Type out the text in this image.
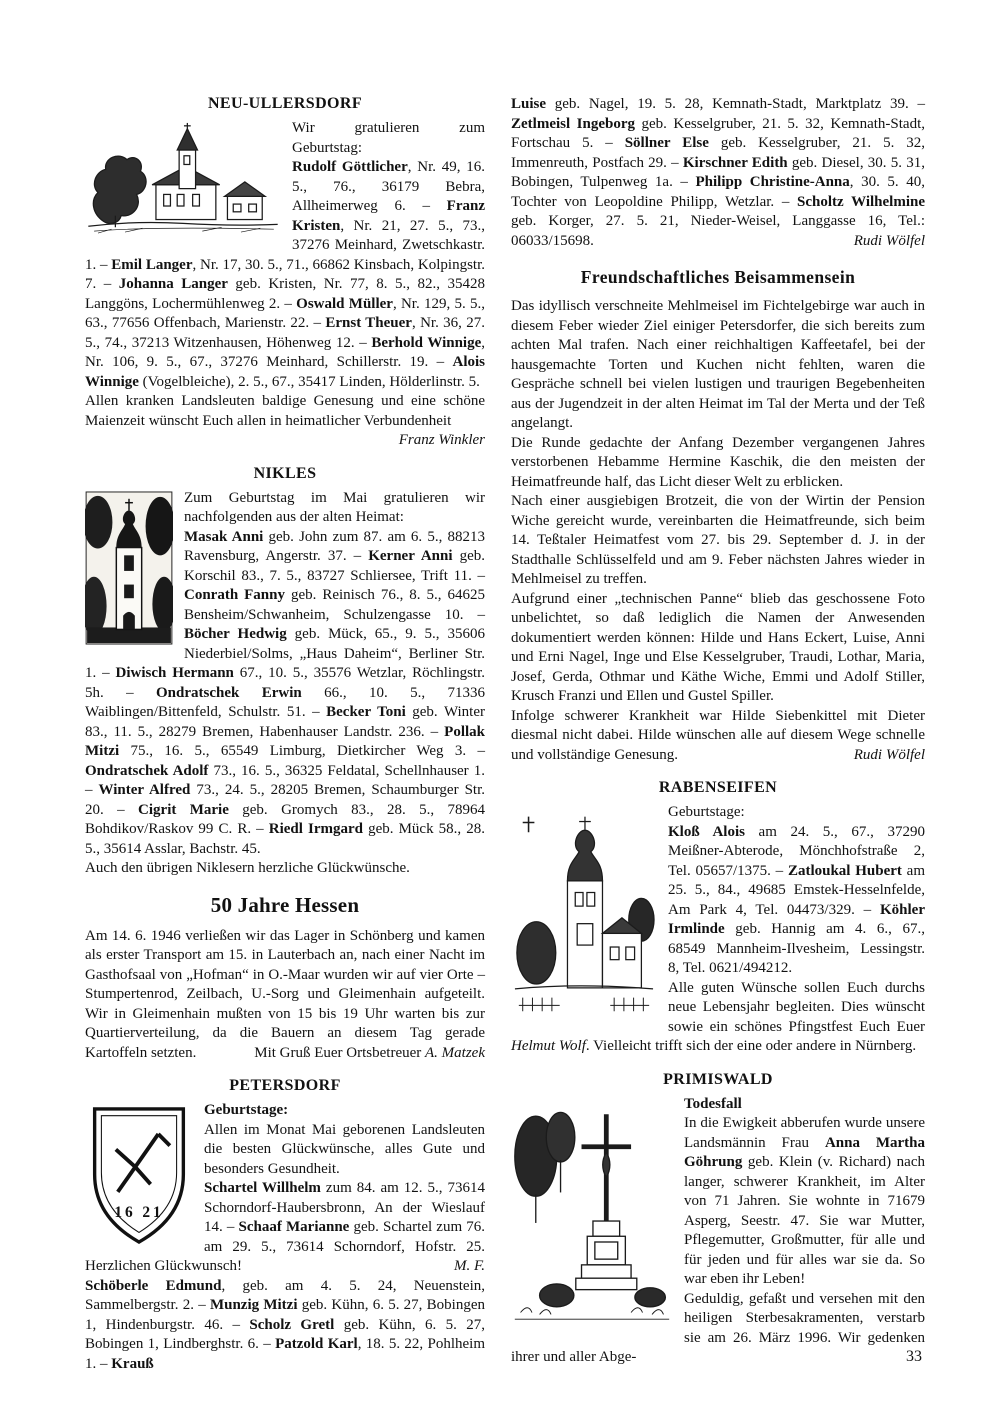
NEU-ULLERSDORF

Wir gratulieren zum Geburtstag:

Rudolf Göttlicher, Nr. 49, 16. 5., 76., 36179 Bebra, Allheimerweg 6. – Franz Kristen, Nr. 21, 27. 5., 73., 37276 Meinhard, Zwetschkastr. 1. – Emil Langer, Nr. 17, 30. 5., 71., 66862 Kinsbach, Kolpingstr. 7. – Johanna Langer geb. Kristen, Nr. 77, 8. 5., 82., 35428 Langgöns, Lochermühlenweg 2. – Oswald Müller, Nr. 129, 5. 5., 63., 77656 Offenbach, Marienstr. 22. – Ernst Theuer, Nr. 36, 27. 5., 74., 37213 Witzenhausen, Höhenweg 12. – Berhold Winnige, Nr. 106, 9. 5., 67., 37276 Meinhard, Schillerstr. 19. – Alois Winnige (Vogelbleiche), 2. 5., 67., 35417 Linden, Hölderlinstr. 5.

Allen kranken Landsleuten baldige Genesung und eine schöne Maienzeit wünscht Euch allen in heimatlicher Verbundenheit

Franz Winkler

NIKLES

Zum Geburtstag im Mai gratulieren wir nachfolgenden aus der alten Heimat:

Masak Anni geb. John zum 87. am 6. 5., 88213 Ravensburg, Angerstr. 37. – Kerner Anni geb. Korschil 83., 7. 5., 83727 Schliersee, Trift 11. – Conrath Fanny geb. Reinisch 76., 8. 5., 64625 Bensheim/Schwanheim, Schulzengasse 10. – Böcher Hedwig geb. Mück, 65., 9. 5., 35606 Niederbiel/Solms, „Haus Daheim“, Berliner Str. 1. – Diwisch Hermann 67., 10. 5., 35576 Wetzlar, Röchlingstr. 5h. – Ondratschek Erwin 66., 10. 5., 71336 Waiblingen/Bittenfeld, Schulstr. 51. – Becker Toni geb. Winter 83., 11. 5., 28279 Bremen, Habenhauser Landstr. 236. – Pollak Mitzi 75., 16. 5., 65549 Limburg, Dietkircher Weg 3. – Ondratschek Adolf 73., 16. 5., 36325 Feldatal, Schellnhauser 1. – Winter Alfred 73., 24. 5., 28205 Bremen, Schaumburger Str. 20. – Cigrit Marie geb. Gromych 83., 28. 5., 78964 Bohdikov/Raskov 99 C. R. – Riedl Irmgard geb. Mück 58., 28. 5., 35614 Asslar, Bachstr. 45.

Auch den übrigen Niklesern herzliche Glückwünsche.

50 Jahre Hessen

Am 14. 6. 1946 verließen wir das Lager in Schönberg und kamen als erster Transport am 15. in Lauterbach an, nach einer Nacht im Gasthofsaal von „Hofman“ in O.-Maar wurden wir auf vier Orte – Stumpertenrod, Zeilbach, U.-Sorg und Gleimenhain aufgeteilt. Wir in Gleimenhain mußten von 15 bis 19 Uhr warten bis zur Quartierverteilung, da die Bauern an diesem Tag gerade Kartoffeln setzten.	Mit Gruß Euer Ortsbetreuer A. Matzek

PETERSDORF
16 21

Geburtstage:

Allen im Monat Mai geborenen Landsleuten die besten Glückwünsche, alles Gute und besonders Gesundheit.

Schartel Willhelm zum 84. am 12. 5., 73614 Schorndorf-Haubersbronn, An der Wieslauf 14. – Schaaf Marianne geb. Schartel zum 76. am 29. 5., 73614 Schorndorf, Hofstr. 25. Herzlichen Glückwunsch!	M. F.

Schöberle Edmund, geb. am 4. 5. 24, Neuenstein, Sammelbergstr. 2. – Munzig Mitzi geb. Kühn, 6. 5. 27, Bobingen 1, Hindenburgstr. 46. – Scholz Gretl geb. Kühn, 6. 5. 27, Bobingen 1, Lindberghstr. 6. – Patzold Karl, 18. 5. 22, Pohlheim 1. – Krauß

Luise geb. Nagel, 19. 5. 28, Kemnath-Stadt, Marktplatz 39. – Zetlmeisl Ingeborg geb. Kesselgruber, 21. 5. 32, Kemnath-Stadt, Fortschau 5. – Söllner Else geb. Kesselgruber, 21. 5. 32, Immenreuth, Postfach 29. – Kirschner Edith geb. Diesel, 30. 5. 31, Bobingen, Tulpenweg 1a. – Philipp Christine-Anna, 30. 5. 40, Tochter von Leopoldine Philipp, Wetzlar. – Scholtz Wilhelmine geb. Korger, 27. 5. 21, Nieder-Weisel, Langgasse 16, Tel.: 06033/15698.	Rudi Wölfel

Freundschaftliches Beisammensein

Das idyllisch verschneite Mehlmeisel im Fichtelgebirge war auch in diesem Feber wieder Ziel einiger Petersdorfer, die sich bereits zum achten Mal trafen. Nach einer reichhaltigen Kaffeetafel, bei der hausgemachte Torten und Kuchen nicht fehlten, waren die Gespräche schnell bei vielen lustigen und traurigen Begebenheiten aus der Jugendzeit in der alten Heimat im Tal der Merta und der Teß angelangt.

Die Runde gedachte der Anfang Dezember vergangenen Jahres verstorbenen Hebamme Hermine Kaschik, die den meisten der Heimatfreunde half, das Licht dieser Welt zu erblicken.

Nach einer ausgiebigen Brotzeit, die von der Wirtin der Pension Wiche gereicht wurde, vereinbarten die Heimatfreunde, sich beim 14. Teßtaler Heimatfest vom 27. bis 29. September d. J. in der Stadthalle Schlüsselfeld und am 9. Feber nächsten Jahres wieder in Mehlmeisel zu treffen.

Aufgrund einer „technischen Panne“ blieb das geschossene Foto unbelichtet, so daß lediglich die Namen der Anwesenden dokumentiert werden können: Hilde und Hans Eckert, Luise, Anni und Erni Nagel, Inge und Else Kesselgruber, Traudi, Lothar, Maria, Josef, Gerda, Othmar und Käthe Wiche, Emmi und Adolf Stiller, Krusch Franzi und Ellen und Gustel Spiller.

Infolge schwerer Krankheit war Hilde Siebenkittel mit Dieter diesmal nicht dabei. Hilde wünschen alle auf diesem Wege schnelle und vollständige Genesung.	Rudi Wölfel

RABENSEIFEN

Geburtstage:

Kloß Alois am 24. 5., 67., 37290 Meißner-Abterode, Mönchhofstraße 2, Tel. 05657/1375. – Zatloukal Hubert am 25. 5., 84., 49685 Emstek-Hesselnfelde, Am Park 4, Tel. 04473/329. – Köhler Irmlinde geb. Hannig am 4. 6., 67., 68549 Mannheim-Ilvesheim, Lessingstr. 8, Tel. 0621/494212.

Alle guten Wünsche sollen Euch durchs neue Lebensjahr begleiten. Dies wünscht sowie ein schönes Pfingstfest Euch Euer Helmut Wolf. Vielleicht trifft sich der eine oder andere in Nürnberg.

PRIMISWALD

Todesfall

In die Ewigkeit abberufen wurde unsere Landsmännin Frau Anna Martha Göhrung geb. Klein (v. Richard) nach langer, schwerer Krankheit, im Alter von 71 Jahren. Sie wohnte in 71679 Asperg, Seestr. 47. Sie war Mutter, Pflegemutter, Großmutter, für alle und für jeden und für alles war sie da. So war eben ihr Leben!

Geduldig, gefaßt und versehen mit den heiligen Sterbesakramenten, verstarb sie am 26. März 1996. Wir gedenken ihrer und aller Abge-	33
